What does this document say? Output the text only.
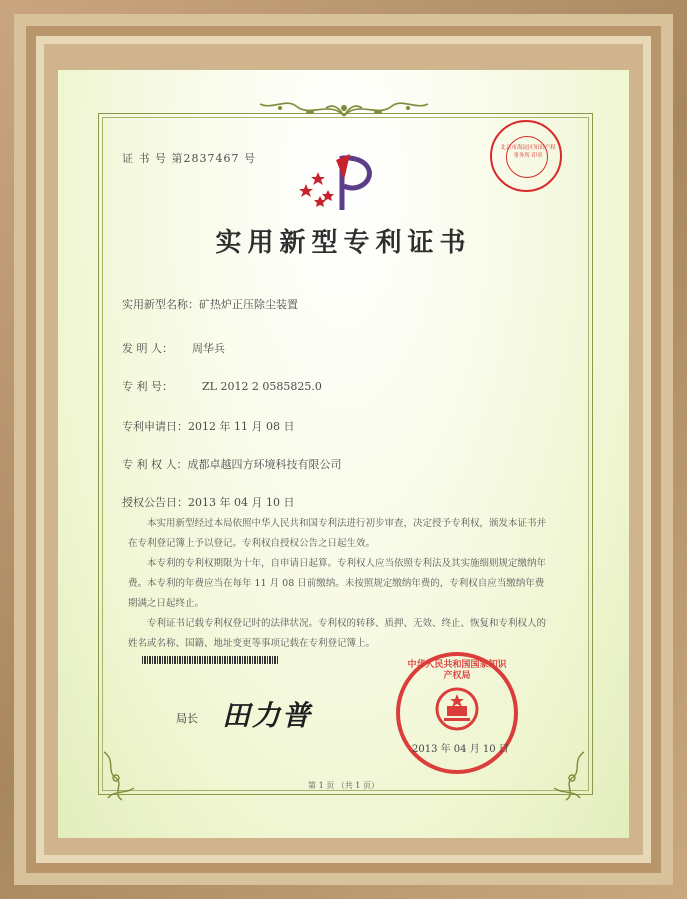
证 书 号 第2837467 号
北京市海淀区知识产权事务所 印章
实用新型专利证书
实用新型名称：矿热炉正压除尘装置
发 明 人： 周华兵
专 利 号：	ZL 2012 2 0585825.0
专利申请日：2012 年 11 月 08 日
专 利 权 人：成都卓越四方环境科技有限公司
授权公告日：2013 年 04 月 10 日
本实用新型经过本局依照中华人民共和国专利法进行初步审查，决定授予专利权，颁发本证书并在专利登记簿上予以登记。专利权自授权公告之日起生效。
本专利的专利权期限为十年，自申请日起算。专利权人应当依照专利法及其实施细则规定缴纳年费。本专利的年费应当在每年 11 月 08 日前缴纳。未按照规定缴纳年费的，专利权自应当缴纳年费期满之日起终止。
专利证书记载专利权登记时的法律状况。专利权的转移、质押、无效、终止、恢复和专利权人的姓名或名称、国籍、地址变更等事项记载在专利登记簿上。
局长 田力普
中华人民共和国国家知识产权局
2013 年 04 月 10 日
第 1 页 （共 1 页）
